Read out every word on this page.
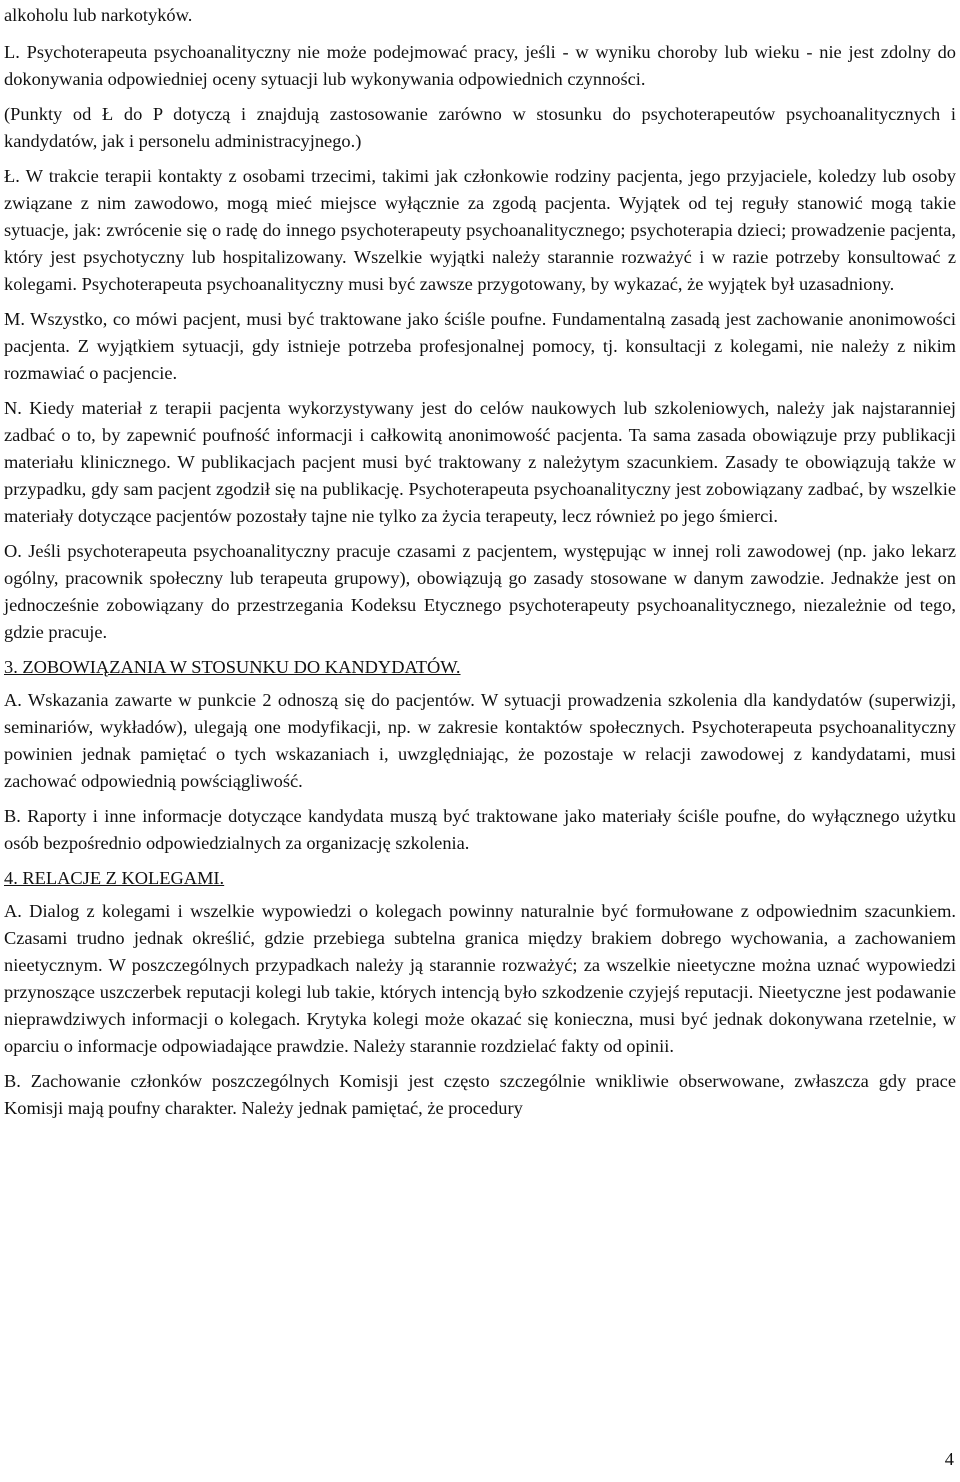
alkoholu lub narkotyków.

L. Psychoterapeuta psychoanalityczny nie może podejmować pracy, jeśli - w wyniku choroby lub wieku - nie jest zdolny do dokonywania odpowiedniej oceny sytuacji lub wykonywania odpowiednich czynności.

(Punkty od Ł do P dotyczą i znajdują zastosowanie zarówno w stosunku do psychoterapeutów psychoanalitycznych i kandydatów, jak i personelu administracyjnego.)

Ł. W trakcie terapii kontakty z osobami trzecimi, takimi jak członkowie rodziny pacjenta, jego przyjaciele, koledzy lub osoby związane z nim zawodowo, mogą mieć miejsce wyłącznie za zgodą pacjenta. Wyjątek od tej reguły stanowić mogą takie sytuacje, jak: zwrócenie się o radę do innego psychoterapeuty psychoanalitycznego; psychoterapia dzieci; prowadzenie pacjenta, który jest psychotyczny lub hospitalizowany. Wszelkie wyjątki należy starannie rozważyć i w razie potrzeby konsultować z kolegami. Psychoterapeuta psychoanalityczny musi być zawsze przygotowany, by wykazać, że wyjątek był uzasadniony.

M. Wszystko, co mówi pacjent, musi być traktowane jako ściśle poufne. Fundamentalną zasadą jest zachowanie anonimowości pacjenta. Z wyjątkiem sytuacji, gdy istnieje potrzeba profesjonalnej pomocy, tj. konsultacji z kolegami, nie należy z nikim rozmawiać o pacjencie.

N. Kiedy materiał z terapii pacjenta wykorzystywany jest do celów naukowych lub szkoleniowych, należy jak najstaranniej zadbać o to, by zapewnić poufność informacji i całkowitą anonimowość pacjenta. Ta sama zasada obowiązuje przy publikacji materiału klinicznego. W publikacjach pacjent musi być traktowany z należytym szacunkiem. Zasady te obowiązują także w przypadku, gdy sam pacjent zgodził się na publikację. Psychoterapeuta psychoanalityczny jest zobowiązany zadbać, by wszelkie materiały dotyczące pacjentów pozostały tajne nie tylko za życia terapeuty, lecz również po jego śmierci.

O. Jeśli psychoterapeuta psychoanalityczny pracuje czasami z pacjentem, występując w innej roli zawodowej (np. jako lekarz ogólny, pracownik społeczny lub terapeuta grupowy), obowiązują go zasady stosowane w danym zawodzie. Jednakże jest on jednocześnie zobowiązany do przestrzegania Kodeksu Etycznego psychoterapeuty psychoanalitycznego, niezależnie od tego, gdzie pracuje.

3. ZOBOWIĄZANIA W STOSUNKU DO KANDYDATÓW.

A. Wskazania zawarte w punkcie 2 odnoszą się do pacjentów. W sytuacji prowadzenia szkolenia dla kandydatów (superwizji, seminariów, wykładów), ulegają one modyfikacji, np. w zakresie kontaktów społecznych. Psychoterapeuta psychoanalityczny powinien jednak pamiętać o tych wskazaniach i, uwzględniając, że pozostaje w relacji zawodowej z kandydatami, musi zachować odpowiednią powściągliwość.

B. Raporty i inne informacje dotyczące kandydata muszą być traktowane jako materiały ściśle poufne, do wyłącznego użytku osób bezpośrednio odpowiedzialnych za organizację szkolenia.

4. RELACJE Z KOLEGAMI.

A. Dialog z kolegami i wszelkie wypowiedzi o kolegach powinny naturalnie być formułowane z odpowiednim szacunkiem. Czasami trudno jednak określić, gdzie przebiega subtelna granica między brakiem dobrego wychowania, a zachowaniem nieetycznym. W poszczególnych przypadkach należy ją starannie rozważyć; za wszelkie nieetyczne można uznać wypowiedzi przynoszące uszczerbek reputacji kolegi lub takie, których intencją było szkodzenie czyjejś reputacji. Nieetyczne jest podawanie nieprawdziwych informacji o kolegach. Krytyka kolegi może okazać się konieczna, musi być jednak dokonywana rzetelnie, w oparciu o informacje odpowiadające prawdzie. Należy starannie rozdzielać fakty od opinii.

B. Zachowanie członków poszczególnych Komisji jest często szczególnie wnikliwie obserwowane, zwłaszcza gdy prace Komisji mają poufny charakter. Należy jednak pamiętać, że procedury

4
